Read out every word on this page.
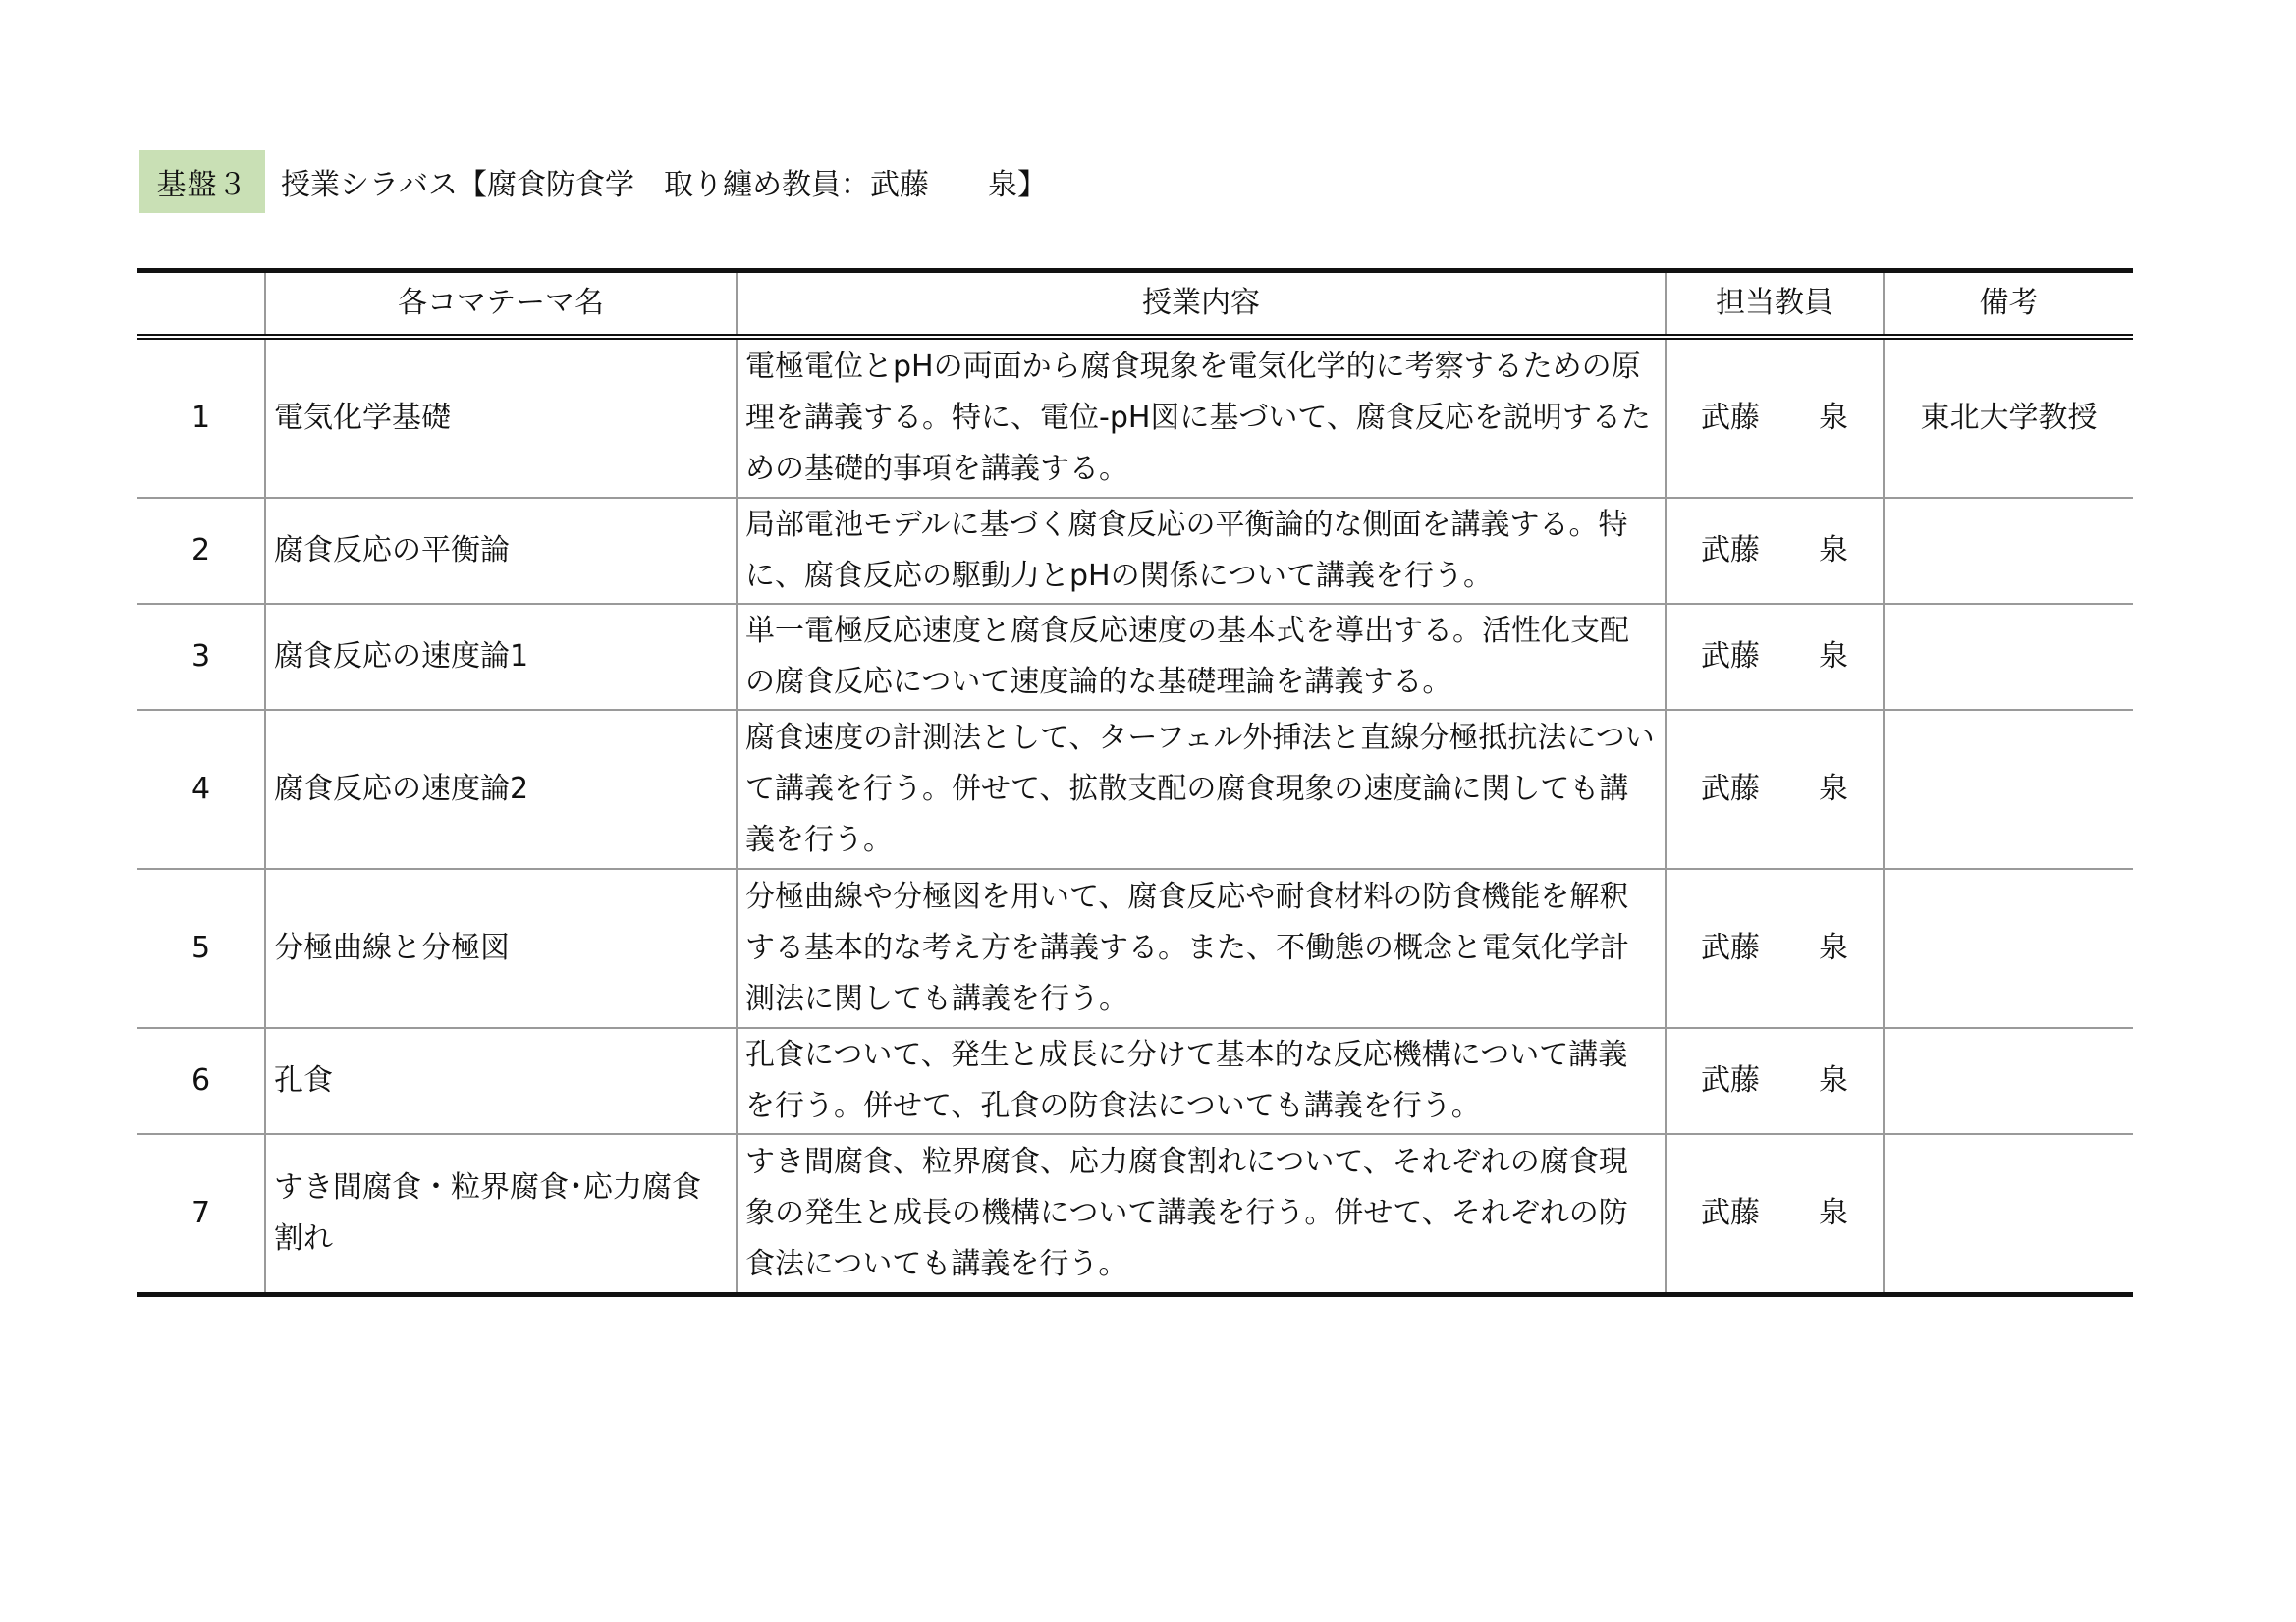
基盤３	授業シラバス【腐食防食学　取り纏め教員：武藤　　泉】
	各コマテーマ名	授業内容	担当教員	備考
1	電気化学基礎	電極電位とpHの両面から腐食現象を電気化学的に考察するための原理を講義する。特に、電位-pH図に基づいて、腐食反応を説明するための基礎的事項を講義する。	武藤　　泉	東北大学教授
2	腐食反応の平衡論	局部電池モデルに基づく腐食反応の平衡論的な側面を講義する。特に、腐食反応の駆動力とpHの関係について講義を行う。	武藤　　泉	
3	腐食反応の速度論1	単一電極反応速度と腐食反応速度の基本式を導出する。活性化支配の腐食反応について速度論的な基礎理論を講義する。	武藤　　泉	
4	腐食反応の速度論2	腐食速度の計測法として、ターフェル外挿法と直線分極抵抗法について講義を行う。併せて、拡散支配の腐食現象の速度論に関しても講義を行う。	武藤　　泉	
5	分極曲線と分極図	分極曲線や分極図を用いて、腐食反応や耐食材料の防食機能を解釈する基本的な考え方を講義する。また、不働態の概念と電気化学計測法に関しても講義を行う。	武藤　　泉	
6	孔食	孔食について、発生と成長に分けて基本的な反応機構について講義を行う。併せて、孔食の防食法についても講義を行う。	武藤　　泉	
7	すき間腐食・粒界腐食･応力腐食割れ	すき間腐食、粒界腐食、応力腐食割れについて、それぞれの腐食現象の発生と成長の機構について講義を行う。併せて、それぞれの防食法についても講義を行う。	武藤　　泉	
